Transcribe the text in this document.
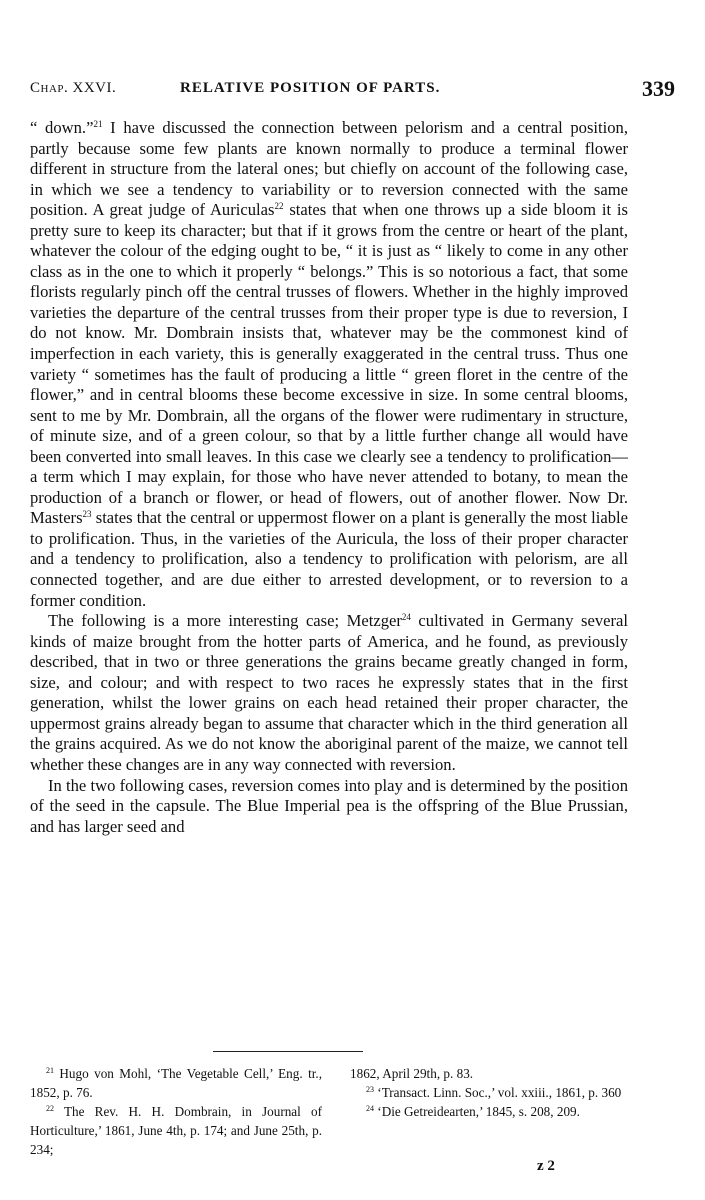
Chap. XXVI.	RELATIVE POSITION OF PARTS.	339

“ down.”$^{21}$ I have discussed the connection between pelorism and a central position, partly because some few plants are known normally to produce a terminal flower different in structure from the lateral ones; but chiefly on account of the following case, in which we see a tendency to variability or to reversion connected with the same position. A great judge of Auriculas$^{22}$ states that when one throws up a side bloom it is pretty sure to keep its character; but that if it grows from the centre or heart of the plant, whatever the colour of the edging ought to be, “ it is just as “ likely to come in any other class as in the one to which it properly “ belongs.” This is so notorious a fact, that some florists regularly pinch off the central trusses of flowers. Whether in the highly improved varieties the departure of the central trusses from their proper type is due to reversion, I do not know. Mr. Dombrain insists that, whatever may be the commonest kind of imperfection in each variety, this is generally exaggerated in the central truss. Thus one variety “ sometimes has the fault of producing a little “ green floret in the centre of the flower,” and in central blooms these become excessive in size. In some central blooms, sent to me by Mr. Dombrain, all the organs of the flower were rudimentary in structure, of minute size, and of a green colour, so that by a little further change all would have been converted into small leaves. In this case we clearly see a tendency to prolification—a term which I may explain, for those who have never attended to botany, to mean the production of a branch or flower, or head of flowers, out of another flower. Now Dr. Masters$^{23}$ states that the central or uppermost flower on a plant is generally the most liable to prolification. Thus, in the varieties of the Auricula, the loss of their proper character and a tendency to prolification, also a tendency to prolification with pelorism, are all connected together, and are due either to arrested development, or to reversion to a former condition.

The following is a more interesting case; Metzger$^{24}$ cultivated in Germany several kinds of maize brought from the hotter parts of America, and he found, as previously described, that in two or three generations the grains became greatly changed in form, size, and colour; and with respect to two races he expressly states that in the first generation, whilst the lower grains on each head retained their proper character, the uppermost grains already began to assume that character which in the third generation all the grains acquired. As we do not know the aboriginal parent of the maize, we cannot tell whether these changes are in any way connected with reversion.

In the two following cases, reversion comes into play and is determined by the position of the seed in the capsule. The Blue Imperial pea is the offspring of the Blue Prussian, and has larger seed and

$^{21}$ Hugo von Mohl, ‘The Vegetable Cell,’ Eng. tr., 1852, p. 76.

$^{22}$ The Rev. H. H. Dombrain, in Journal of Horticulture,’ 1861, June 4th, p. 174; and June 25th, p. 234;

1862, April 29th, p. 83.

$^{23}$ ‘Transact. Linn. Soc.,’ vol. xxiii., 1861, p. 360

$^{24}$ ‘Die Getreidearten,’ 1845, s. 208, 209.

z 2
